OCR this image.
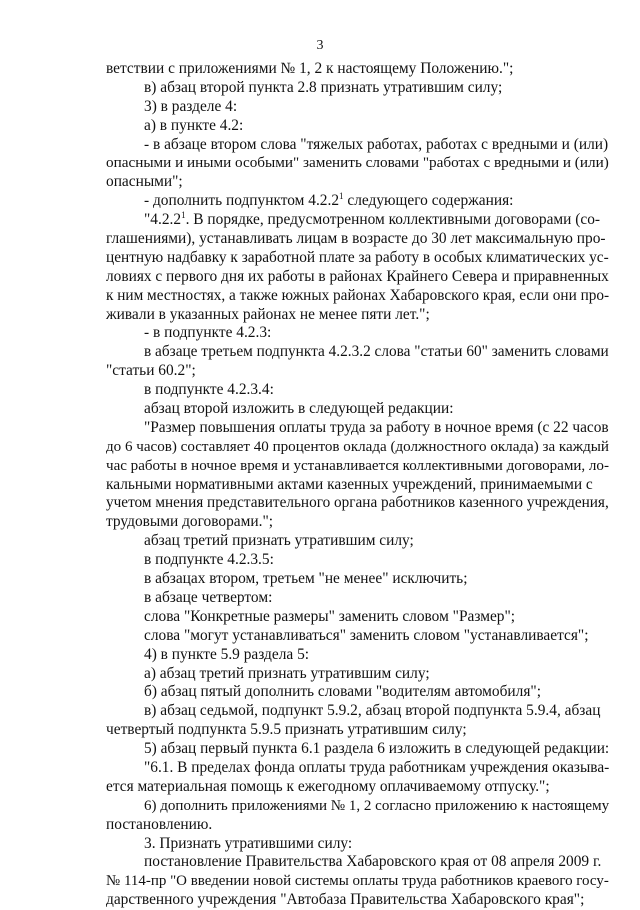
3
ветствии с приложениями № 1, 2 к настоящему Положению.";
в) абзац второй пункта 2.8 признать утратившим силу;
3) в разделе 4:
а) в пункте 4.2:
- в абзаце втором слова "тяжелых работах, работах с вредными и (или)
опасными и иными особыми" заменить словами "работах с вредными и (или)
опасными";
- дополнить подпунктом 4.2.2$^1$ следующего содержания:
"4.2.2$^1$. В порядке, предусмотренном коллективными договорами (со-
глашениями), устанавливать лицам в возрасте до 30 лет максимальную про-
центную надбавку к заработной плате за работу в особых климатических ус-
ловиях с первого дня их работы в районах Крайнего Севера и приравненных
к ним местностях, а также южных районах Хабаровского края, если они про-
живали в указанных районах не менее пяти лет.";
- в подпункте 4.2.3:
в абзаце третьем подпункта 4.2.3.2 слова "статьи 60" заменить словами
"статьи 60.2";
в подпункте 4.2.3.4:
абзац второй изложить в следующей редакции:
"Размер повышения оплаты труда за работу в ночное время (с 22 часов
до 6 часов) составляет 40 процентов оклада (должностного оклада) за каждый
час работы в ночное время и устанавливается коллективными договорами, ло-
кальными нормативными актами казенных учреждений, принимаемыми с
учетом мнения представительного органа работников казенного учреждения,
трудовыми договорами.";
абзац третий признать утратившим силу;
в подпункте 4.2.3.5:
в абзацах втором, третьем "не менее" исключить;
в абзаце четвертом:
слова "Конкретные размеры" заменить словом "Размер";
слова "могут устанавливаться" заменить словом "устанавливается";
4) в пункте 5.9 раздела 5:
а) абзац третий признать утратившим силу;
б) абзац пятый дополнить словами "водителям автомобиля";
в) абзац седьмой, подпункт 5.9.2, абзац второй подпункта 5.9.4, абзац
четвертый подпункта 5.9.5 признать утратившим силу;
5) абзац первый пункта 6.1 раздела 6 изложить в следующей редакции:
"6.1. В пределах фонда оплаты труда работникам учреждения оказыва-
ется материальная помощь к ежегодному оплачиваемому отпуску.";
6) дополнить приложениями № 1, 2 согласно приложению к настоящему
постановлению.
3. Признать утратившими силу:
постановление Правительства Хабаровского края от 08 апреля 2009 г.
№ 114-пр "О введении новой системы оплаты труда работников краевого госу-
дарственного учреждения "Автобаза Правительства Хабаровского края";
